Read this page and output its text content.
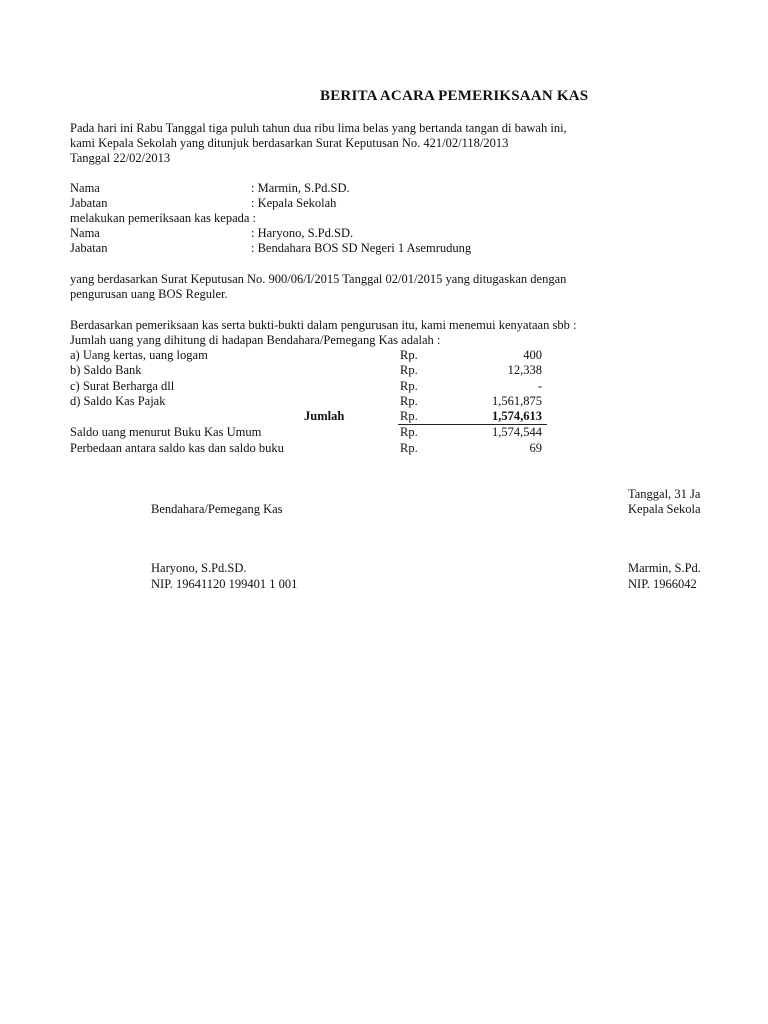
BERITA ACARA PEMERIKSAAN KAS
Pada hari ini Rabu Tanggal tiga puluh tahun dua ribu lima belas yang bertanda tangan di bawah ini,
kami Kepala Sekolah yang ditunjuk berdasarkan Surat Keputusan No. 421/02/118/2013
Tanggal 22/02/2013
Nama	: Marmin, S.Pd.SD.
Jabatan	: Kepala Sekolah
melakukan pemeriksaan kas kepada :
Nama	: Haryono, S.Pd.SD.
Jabatan	: Bendahara BOS SD Negeri 1 Asemrudung
yang berdasarkan Surat Keputusan No. 900/06/I/2015 Tanggal 02/01/2015 yang ditugaskan dengan
pengurusan uang BOS Reguler.
Berdasarkan pemeriksaan kas serta bukti-bukti dalam pengurusan itu, kami menemui kenyataan sbb :
Jumlah uang yang dihitung di hadapan Bendahara/Pemegang Kas adalah :
a) Uang kertas, uang logam	Rp.	400
b) Saldo Bank	Rp.	12,338
c) Surat Berharga dll	Rp.	-
d) Saldo Kas Pajak	Rp.	1,561,875
Jumlah	Rp.	1,574,613
Saldo uang menurut Buku Kas Umum	Rp.	1,574,544
Perbedaan antara saldo kas dan saldo buku	Rp.	69
Tanggal, 31 Ja
Bendahara/Pemegang Kas	Kepala Sekola
Haryono, S.Pd.SD.	Marmin, S.Pd.
NIP. 19641120 199401 1 001	NIP. 1966042
